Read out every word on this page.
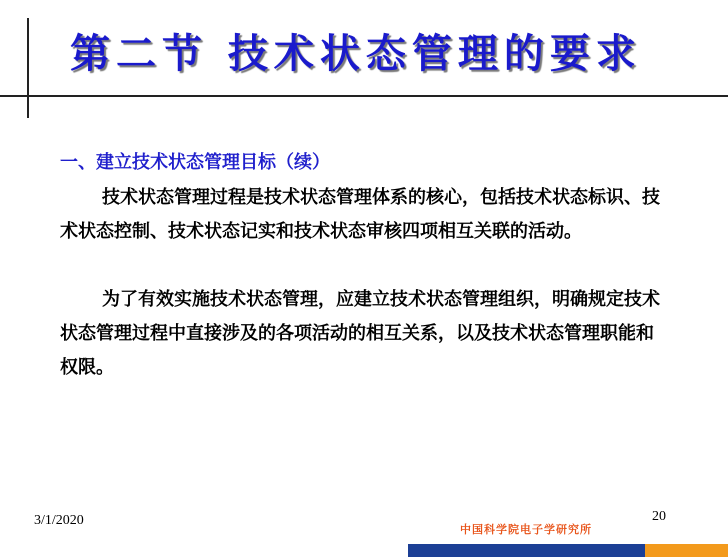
第二节 技术状态管理的要求
一、建立技术状态管理目标（续）

技术状态管理过程是技术状态管理体系的核心，包括技术状态标识、技术状态控制、技术状态记实和技术状态审核四项相互关联的活动。

为了有效实施技术状态管理，应建立技术状态管理组织，明确规定技术状态管理过程中直接涉及的各项活动的相互关系，以及技术状态管理职能和权限。

3/1/2020	20
中国科学院电子学研究所
